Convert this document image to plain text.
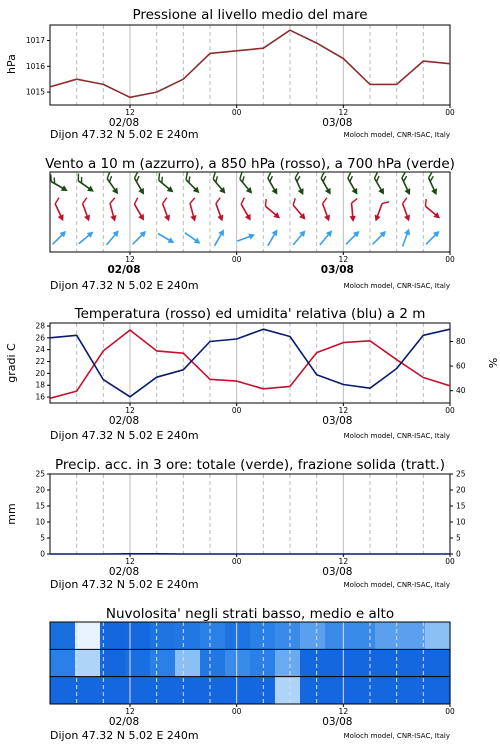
Pressione al livello medio del mare
hPa
1017
1016
1015
12	00	12	00
02/08	03/08
Dijon 47.32 N 5.02 E 240m	Moloch model, CNR-ISAC, Italy
Vento a 10 m (azzurro), a 850 hPa (rosso), a 700 hPa (verde)
12	00	12	00
02/08	03/08
Dijon 47.32 N 5.02 E 240m	Moloch model, CNR-ISAC, Italy
Temperatura (rosso) ed umidita' relativa (blu) a 2 m
gradi C	%
28
26
24
22
20
18
16
80
60
40
12	00	12	00
02/08	03/08
Dijon 47.32 N 5.02 E 240m	Moloch model, CNR-ISAC, Italy
Precip. acc. in 3 ore: totale (verde), frazione solida (tratt.)
mm
25
20
15
10
5
0
25
20
15
10
5
0
12	00	12	00
02/08	03/08
Dijon 47.32 N 5.02 E 240m	Moloch model, CNR-ISAC, Italy
Nuvolosita' negli strati basso, medio e alto
12	00	12	00
02/08	03/08
Dijon 47.32 N 5.02 E 240m	Moloch model, CNR-ISAC, Italy
